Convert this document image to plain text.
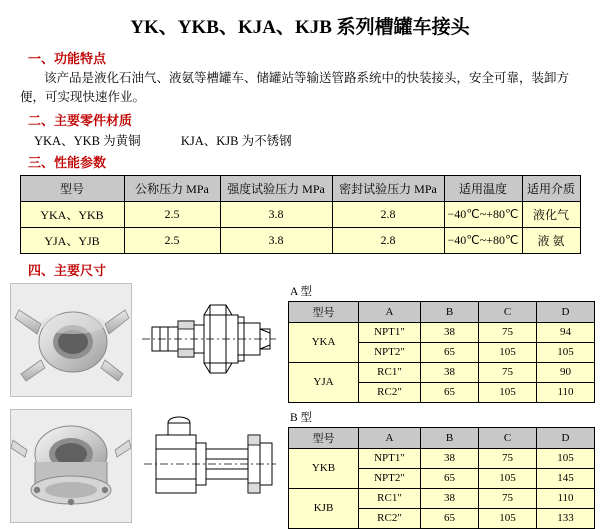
YK、YKB、KJA、KJB 系列槽罐车接头
一、功能特点
该产品是液化石油气、液氨等槽罐车、储罐站等输送管路系统中的快装接头，安全可靠，装卸方便，可实现快速作业。
二、主要零件材质
YKA、YKB 为黄铜	KJA、KJB 为不锈钢
三、性能参数
型号	公称压力 MPa	强度试验压力 MPa	密封试验压力 MPa	适用温度	适用介质
YKA、YKB	2.5	3.8	2.8	−40℃~+80℃	液化气
YJA、YJB	2.5	3.8	2.8	−40℃~+80℃	液 氨
四、主要尺寸
A 型
型号	A	B	C	D
YKA	NPT1"	38	75	94
	NPT2"	65	105	105
YJA	RC1"	38	75	90
	RC2"	65	105	110
B 型
型号	A	B	C	D
YKB	NPT1"	38	75	105
	NPT2"	65	105	145
KJB	RC1"	38	75	110
	RC2"	65	105	133
